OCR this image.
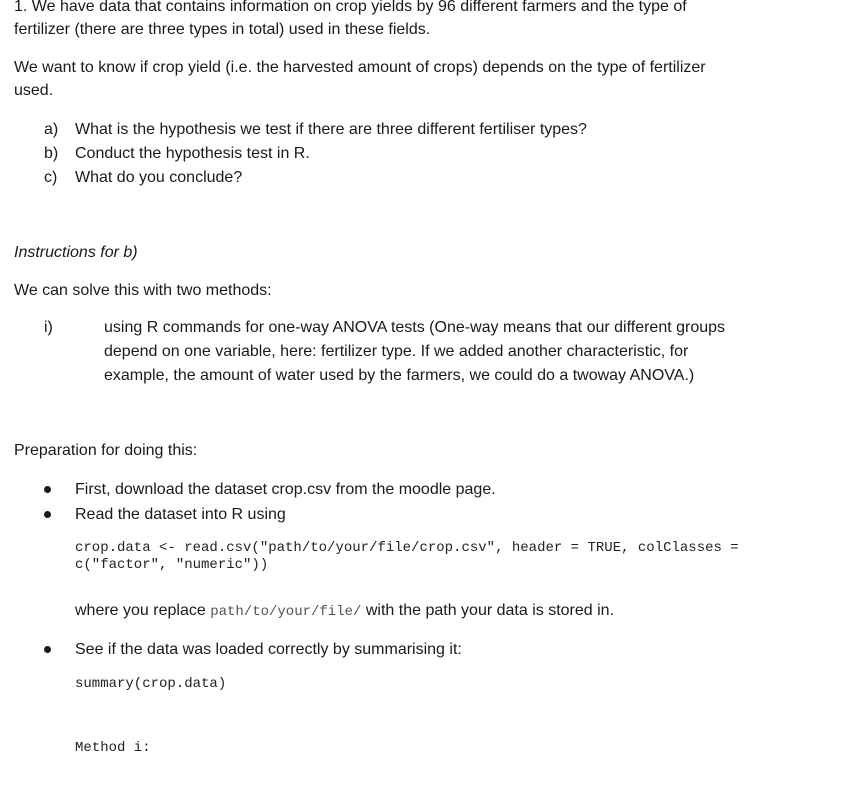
1. We have data that contains information on crop yields by 96 different farmers and the type of
fertilizer (there are three types in total) used in these fields.
We want to know if crop yield (i.e. the harvested amount of crops) depends on the type of fertilizer
used.
a) What is the hypothesis we test if there are three different fertiliser types?
b) Conduct the hypothesis test in R.
c) What do you conclude?
Instructions for b)
We can solve this with two methods:
i)	using R commands for one-way ANOVA tests (One-way means that our different groups
depend on one variable, here: fertilizer type. If we added another characteristic, for
example, the amount of water used by the farmers, we could do a twoway ANOVA.)
Preparation for doing this:
First, download the dataset crop.csv from the moodle page.
Read the dataset into R using
crop.data <- read.csv("path/to/your/file/crop.csv", header = TRUE, colClasses =
c("factor", "numeric"))
where you replace path/to/your/file/ with the path your data is stored in.
See if the data was loaded correctly by summarising it:
summary(crop.data)
Method i:
